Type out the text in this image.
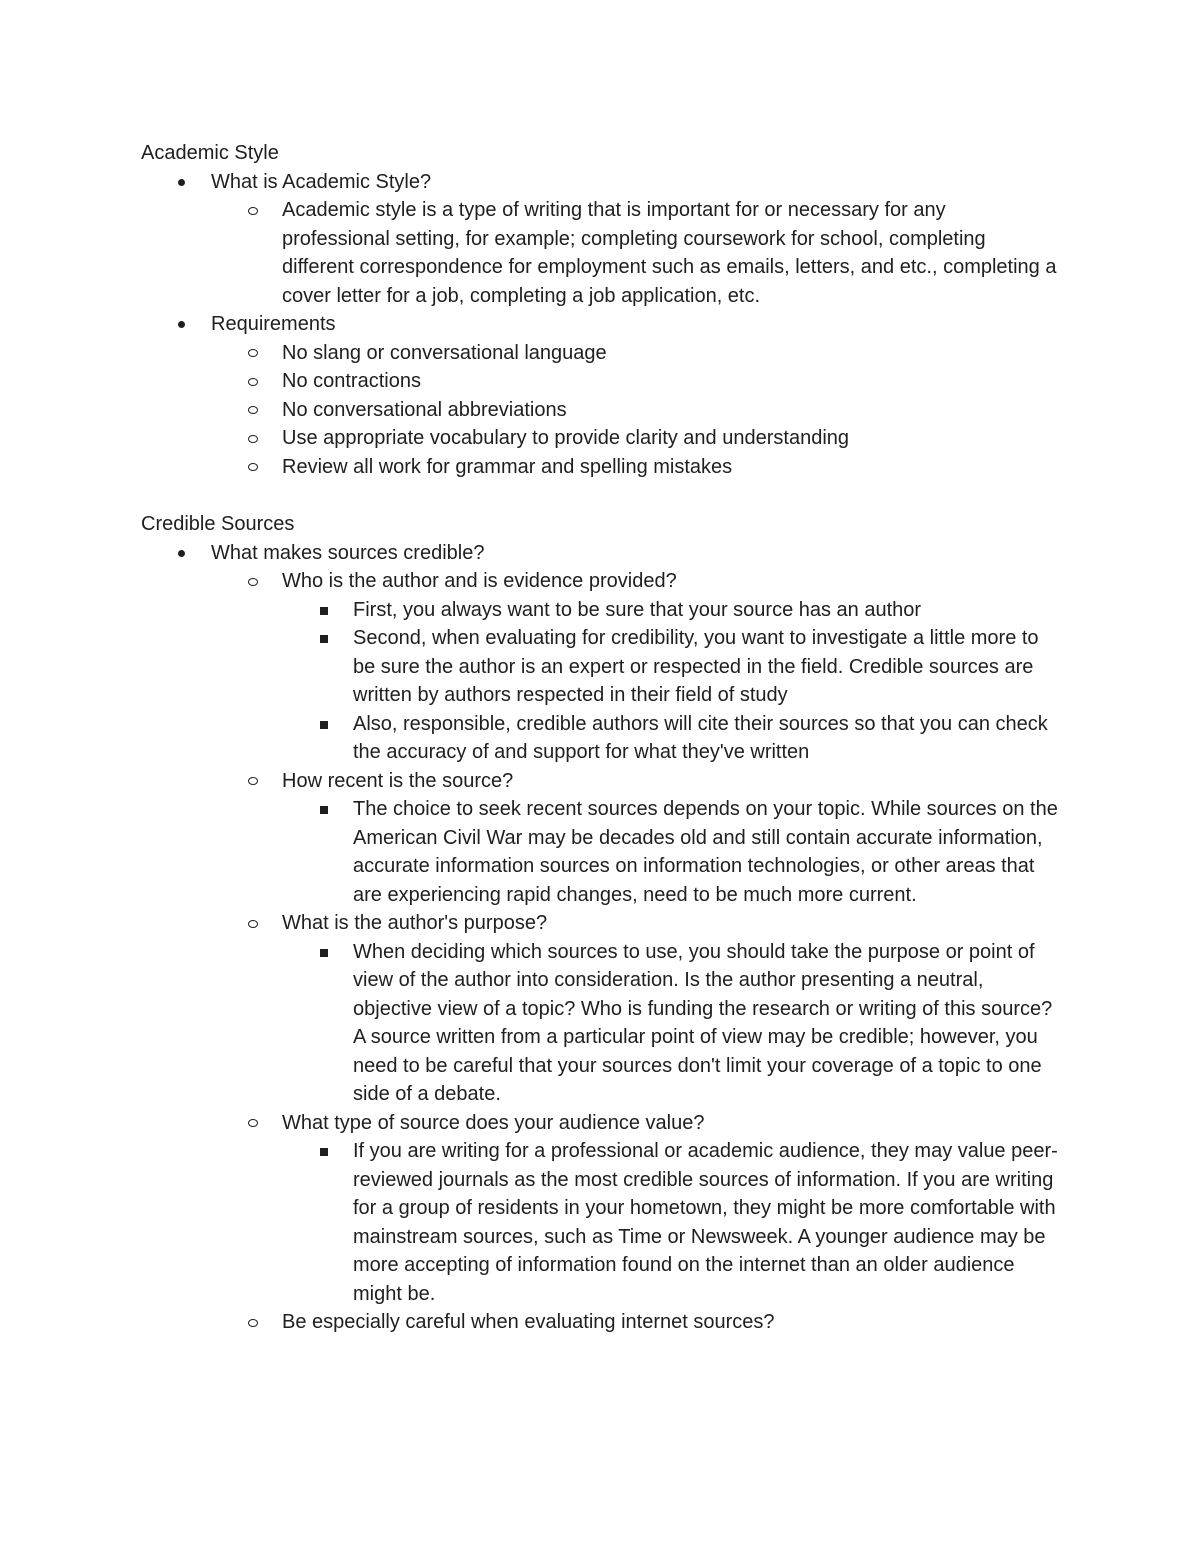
Academic Style
What is Academic Style?
Academic style is a type of writing that is important for or necessary for any professional setting, for example; completing coursework for school, completing different correspondence for employment such as emails, letters, and etc., completing a cover letter for a job, completing a job application, etc.
Requirements
No slang or conversational language
No contractions
No conversational abbreviations
Use appropriate vocabulary to provide clarity and understanding
Review all work for grammar and spelling mistakes
Credible Sources
What makes sources credible?
Who is the author and is evidence provided?
First, you always want to be sure that your source has an author
Second, when evaluating for credibility, you want to investigate a little more to be sure the author is an expert or respected in the field. Credible sources are written by authors respected in their field of study
Also, responsible, credible authors will cite their sources so that you can check the accuracy of and support for what they've written
How recent is the source?
The choice to seek recent sources depends on your topic. While sources on the American Civil War may be decades old and still contain accurate information, accurate information sources on information technologies, or other areas that are experiencing rapid changes, need to be much more current.
What is the author's purpose?
When deciding which sources to use, you should take the purpose or point of view of the author into consideration. Is the author presenting a neutral, objective view of a topic? Who is funding the research or writing of this source? A source written from a particular point of view may be credible; however, you need to be careful that your sources don't limit your coverage of a topic to one side of a debate.
What type of source does your audience value?
If you are writing for a professional or academic audience, they may value peer-reviewed journals as the most credible sources of information. If you are writing for a group of residents in your hometown, they might be more comfortable with mainstream sources, such as Time or Newsweek. A younger audience may be more accepting of information found on the internet than an older audience might be.
Be especially careful when evaluating internet sources?
